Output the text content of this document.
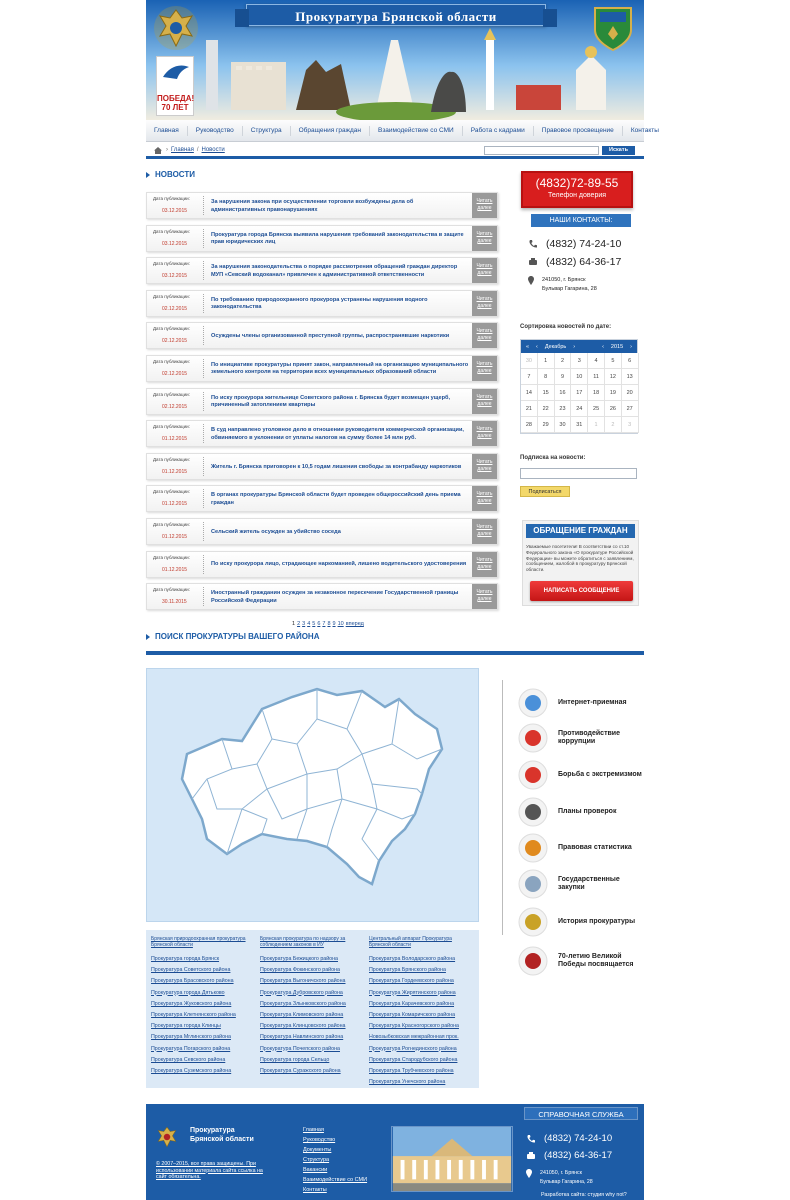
Прокуратура Брянской области
ПОБЕДА!
70 ЛЕТ
Главная	Руководство	Структура	Обращения граждан	Взаимодействие со СМИ	Работа с кадрами	Правовое просвещение	Контакты
› Главная / Новости	Искать
НОВОСТИ
Дата публикации:
03.12.2015
За нарушения закона при осуществлении торговли возбуждены дела об административных правонарушениях
Читать далее
Дата публикации:
03.12.2015
Прокуратура города Брянска выявила нарушения требований законодательства в защите прав юридических лиц
Читать далее
Дата публикации:
03.12.2015
За нарушения законодательства о порядке рассмотрения обращений граждан директор МУП «Севский водоканал» привлечен к административной ответственности
Читать далее
Дата публикации:
02.12.2015
По требованию природоохранного прокурора устранены нарушения водного законодательства
Читать далее
Дата публикации:
02.12.2015
Осуждены члены организованной преступной группы, распространявшие наркотики
Читать далее
Дата публикации:
02.12.2015
По инициативе прокуратуры принят закон, направленный на организацию муниципального земельного контроля на территории всех муниципальных образований области
Читать далее
Дата публикации:
02.12.2015
По иску прокурора жительнице Советского района г. Брянска будет возмещен ущерб, причиненный затоплением квартиры
Читать далее
Дата публикации:
01.12.2015
В суд направлено уголовное дело в отношении руководителя коммерческой организации, обвиняемого в уклонении от уплаты налогов на сумму более 14 млн руб.
Читать далее
Дата публикации:
01.12.2015
Житель г. Брянска приговорен к 10,5 годам лишения свободы за контрабанду наркотиков
Читать далее
Дата публикации:
01.12.2015
В органах прокуратуры Брянской области будет проведен общероссийский день приема граждан
Читать далее
Дата публикации:
01.12.2015
Сельский житель осужден за убийство соседа
Читать далее
Дата публикации:
01.12.2015
По иску прокурора лицо, страдающее наркоманией, лишено водительского удостоверения
Читать далее
Дата публикации:
30.11.2015
Иностранный гражданин осужден за незаконное пересечение Государственной границы Российской Федерации
Читать далее
1 2 3 4 5 6 7 8 9 10 вперед
(4832)72-89-55
Телефон доверия
НАШИ КОНТАКТЫ:
(4832) 74-24-10
(4832) 64-36-17
241050, г. Брянск
Бульвар Гагарина, 28
Сортировка новостей по дате:
« ‹ Декабрь ›	‹ 2015 ›
30	1	2	3	4	5	6
7	8	9	10	11	12	13
14	15	16	17	18	19	20
21	22	23	24	25	26	27
28	29	30	31	1	2	3
Подписка на новости:
Подписаться
ОБРАЩЕНИЕ ГРАЖДАН
Уважаемые посетители! В соответствии со ст.10 Федерального закона «О прокуратуре Российской Федерации» вы можете обратиться с заявлением, сообщением, жалобой в прокуратуру Брянской области.
НАПИСАТЬ СООБЩЕНИЕ
ПОИСК ПРОКУРАТУРЫ ВАШЕГО РАЙОНА
Интернет-приемная
Противодействие коррупции
Борьба с экстремизмом
Планы проверок
Правовая статистика
Государственные закупки
История прокуратуры
70-летию Великой Победы посвящается
Брянская природоохранная прокуратура Брянской области
Прокуратура города Брянск
Прокуратура Советского района
Прокуратура Брасовского района
Прокуратура города Дятьково
Прокуратура Жуковского района
Прокуратура Клетнянского района
Прокуратура города Клинцы
Прокуратура Мглинского района
Прокуратура Погарского района
Прокуратура Севского района
Прокуратура Суземского района
Брянская прокуратура по надзору за соблюдением законов в ИУ
Прокуратура Бежицкого района
Прокуратура Фокинского района
Прокуратура Выгоничского района
Прокуратура Дубровского района
Прокуратура Злынковского района
Прокуратура Климовского района
Прокуратура Клинцовского района
Прокуратура Навлинского района
Прокуратура Почепского района
Прокуратура города Сельцо
Прокуратура Суражского района
Центральный аппарат Прокуратура Брянской области
Прокуратура Володарского района
Прокуратура Брянского района
Прокуратура Гордеевского района
Прокуратура Жирятинского района
Прокуратура Карачевского района
Прокуратура Комаричского района
Прокуратура Красногорского района
Новозыбковская межрайонная прок.
Прокуратура Рогнединского района
Прокуратура Стародубского района
Прокуратура Трубчевского района
Прокуратура Унечского района
Прокуратура
Брянской области
© 2007–2015, все права защищены. При использовании материала сайта ссылка на сайт обязательна.
Главная
Руководство
Документы
Структура
Вакансии
Взаимодействие со СМИ
Контакты
СПРАВОЧНАЯ СЛУЖБА
(4832) 74-24-10
(4832) 64-36-17
241050, г. Брянск
Бульвар Гагарина, 28
Разработка сайта: студия why not?
